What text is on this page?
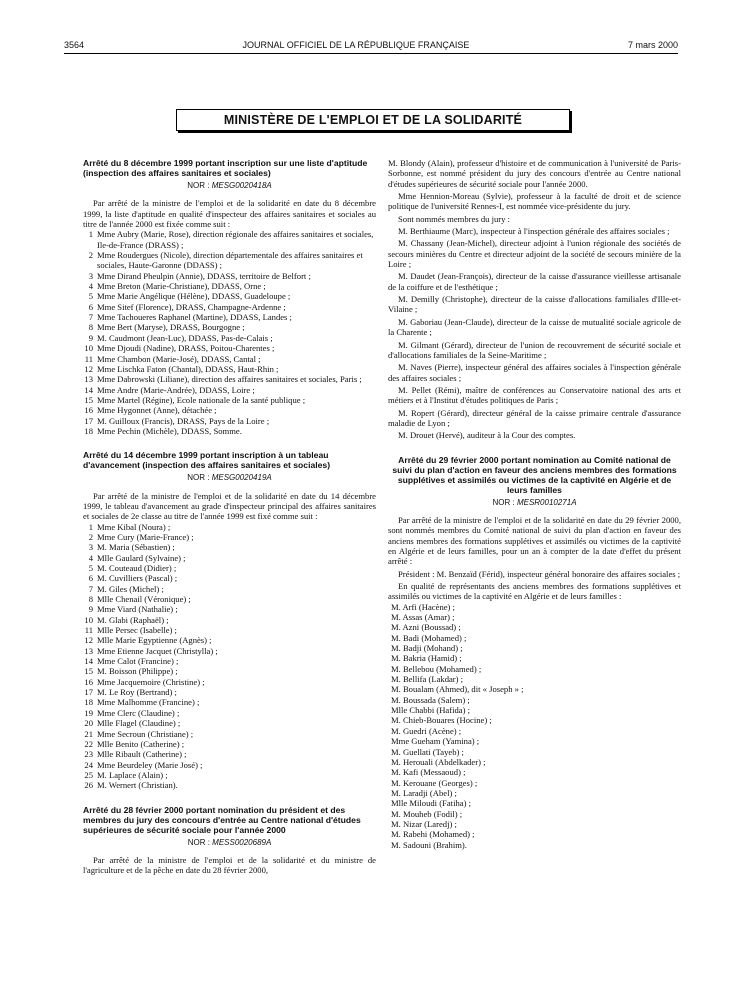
3564	JOURNAL OFFICIEL DE LA RÉPUBLIQUE FRANÇAISE	7 mars 2000
MINISTÈRE DE L'EMPLOI ET DE LA SOLIDARITÉ
Arrêté du 8 décembre 1999 portant inscription sur une liste d'aptitude (inspection des affaires sanitaires et sociales)
NOR : MESG0020418A

Par arrêté de la ministre de l'emploi et de la solidarité en date du 8 décembre 1999, la liste d'aptitude en qualité d'inspecteur des affaires sanitaires et sociales au titre de l'année 2000 est fixée comme suit :

1 Mme Aubry (Marie, Rose), direction régionale des affaires sanitaires et sociales, Ile-de-France (DRASS) ;
2 Mme Roudergues (Nicole), direction départementale des affaires sanitaires et sociales, Haute-Garonne (DDASS) ;
3 Mme Dirand Pheulpin (Annie), DDASS, territoire de Belfort ;
4 Mme Breton (Marie-Christiane), DDASS, Orne ;
5 Mme Marie Angélique (Hélène), DDASS, Guadeloupe ;
6 Mme Sitef (Florence), DRASS, Champagne-Ardenne ;
7 Mme Tachoueres Raphanel (Martine), DDASS, Landes ;
8 Mme Bert (Maryse), DRASS, Bourgogne ;
9 M. Caudmont (Jean-Luc), DDASS, Pas-de-Calais ;
10 Mme Djoudi (Nadine), DRASS, Poitou-Charentes ;
11 Mme Chambon (Marie-José), DDASS, Cantal ;
12 Mme Lischka Faton (Chantal), DDASS, Haut-Rhin ;
13 Mme Dabrowski (Liliane), direction des affaires sanitaires et sociales, Paris ;
14 Mme Andre (Marie-Andrée), DDASS, Loire ;
15 Mme Martel (Régine), Ecole nationale de la santé publique ;
16 Mme Hygonnet (Anne), détachée ;
17 M. Guilloux (Francis), DRASS, Pays de la Loire ;
18 Mme Pechin (Michèle), DDASS, Somme.
Arrêté du 14 décembre 1999 portant inscription à un tableau d'avancement (inspection des affaires sanitaires et sociales)
NOR : MESG0020419A

Par arrêté de la ministre de l'emploi et de la solidarité en date du 14 décembre 1999, le tableau d'avancement au grade d'inspecteur principal des affaires sanitaires et sociales de 2e classe au titre de l'année 1999 est fixé comme suit :

1 Mme Kibal (Noura) ;
2 Mme Cury (Marie-France) ;
3 M. Maria (Sébastien) ;
4 Mlle Gaulard (Sylvaine) ;
5 M. Couteaud (Didier) ;
6 M. Cuvilliers (Pascal) ;
7 M. Giles (Michel) ;
8 Mlle Chenail (Véronique) ;
9 Mme Viard (Nathalie) ;
10 M. Glabi (Raphaël) ;
11 Mlle Persec (Isabelle) ;
12 Mlle Marie Egyptienne (Agnès) ;
13 Mme Etienne Jacquet (Christylla) ;
14 Mme Calot (Francine) ;
15 M. Boisson (Philippe) ;
16 Mme Jacquemoire (Christine) ;
17 M. Le Roy (Bertrand) ;
18 Mme Malhomme (Francine) ;
19 Mme Clerc (Claudine) ;
20 Mlle Flagel (Claudine) ;
21 Mme Secroun (Christiane) ;
22 Mlle Benito (Catherine) ;
23 Mlle Ribault (Catherine) ;
24 Mme Beurdeley (Marie José) ;
25 M. Laplace (Alain) ;
26 M. Wernert (Christian).
Arrêté du 28 février 2000 portant nomination du président et des membres du jury des concours d'entrée au Centre national d'études supérieures de sécurité sociale pour l'année 2000
NOR : MESS0020689A

Par arrêté de la ministre de l'emploi et de la solidarité et du ministre de l'agriculture et de la pêche en date du 28 février 2000,

M. Blondy (Alain), professeur d'histoire et de communication à l'université de Paris-Sorbonne, est nommé président du jury des concours d'entrée au Centre national d'études supérieures de sécurité sociale pour l'année 2000.

Mme Hennion-Moreau (Sylvie), professeur à la faculté de droit et de science politique de l'université Rennes-I, est nommée vice-présidente du jury.

Sont nommés membres du jury :

M. Berthiaume (Marc), inspecteur à l'inspection générale des affaires sociales ;

M. Chassany (Jean-Michel), directeur adjoint à l'union régionale des sociétés de secours minières du Centre et directeur adjoint de la société de secours minière de la Loire ;

M. Daudet (Jean-François), directeur de la caisse d'assurance vieillesse artisanale de la coiffure et de l'esthétique ;

M. Demilly (Christophe), directeur de la caisse d'allocations familiales d'Ille-et-Vilaine ;

M. Gaboriau (Jean-Claude), directeur de la caisse de mutualité sociale agricole de la Charente ;

M. Gilmant (Gérard), directeur de l'union de recouvrement de sécurité sociale et d'allocations familiales de la Seine-Maritime ;

M. Naves (Pierre), inspecteur général des affaires sociales à l'inspection générale des affaires sociales ;

M. Pellet (Rémi), maître de conférences au Conservatoire national des arts et métiers et à l'Institut d'études politiques de Paris ;

M. Ropert (Gérard), directeur général de la caisse primaire centrale d'assurance maladie de Lyon ;

M. Drouet (Hervé), auditeur à la Cour des comptes.

Arrêté du 29 février 2000 portant nomination au Comité national de suivi du plan d'action en faveur des anciens membres des formations supplétives et assimilés ou victimes de la captivité en Algérie et de leurs familles
NOR : MESR0010271A

Par arrêté de la ministre de l'emploi et de la solidarité en date du 29 février 2000, sont nommés membres du Comité national de suivi du plan d'action en faveur des anciens membres des formations supplétives et assimilés ou victimes de la captivité en Algérie et de leurs familles, pour un an à compter de la date d'effet du présent arrêté :

Président : M. Benzaïd (Férid), inspecteur général honoraire des affaires sociales ;

En qualité de représentants des anciens membres des formations supplétives et assimilés ou victimes de la captivité en Algérie et de leurs familles :

M. Arfi (Hacène) ;

M. Assas (Amar) ;

M. Azni (Boussad) ;

M. Badi (Mohamed) ;

M. Badji (Mohand) ;

M. Bakria (Hamid) ;

M. Bellebou (Mohamed) ;

M. Bellifa (Lakdar) ;

M. Boualam (Ahmed), dit « Joseph » ;

M. Boussada (Salem) ;

Mlle Chabbi (Hafida) ;

M. Chieb-Bouares (Hocine) ;

M. Guedri (Acène) ;

Mme Gueham (Yamina) ;

M. Guellati (Tayeb) ;

M. Herouali (Abdelkader) ;

M. Kafi (Messaoud) ;

M. Kerouane (Georges) ;

M. Laradji (Abel) ;

Mlle Miloudi (Fatiha) ;

M. Mouheb (Fodil) ;

M. Nizar (Laredj) ;

M. Rabehi (Mohamed) ;

M. Sadouni (Brahim).
